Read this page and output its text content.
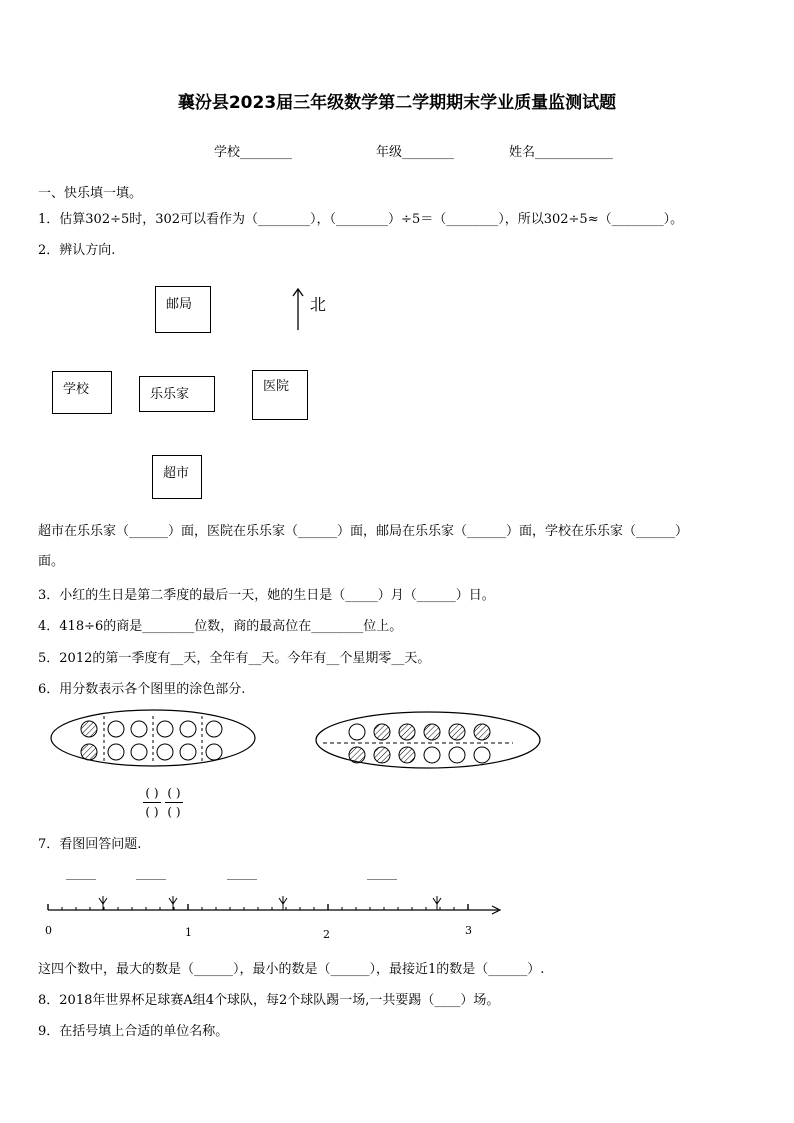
襄汾县2023届三年级数学第二学期期末学业质量监测试题
学校________	年级________	姓名____________
一、快乐填一填。
1．估算302÷5时，302可以看作为（________），（________）÷5＝（________），所以302÷5≈（________）。
2．辨认方向.
邮局	北
学校	乐乐家
医院
超市
超市在乐乐家（______）面，医院在乐乐家（______）面，邮局在乐乐家（______）面，学校在乐乐家（______）
面。
3．小红的生日是第二季度的最后一天，她的生日是（_____）月（______）日。
4．418÷6的商是________位数，商的最高位在________位上。
5．2012的第一季度有__天，全年有__天。今年有__个星期零__天。
6．用分数表示各个图里的涂色部分.
( )
( )
( )
( )
7．看图回答问题.
_____	_____	_____	_____
0	1	2	3
这四个数中，最大的数是（______），最小的数是（______），最接近1的数是（______）.
8．2018年世界杯足球赛A组4个球队，每2个球队踢一场,一共要踢（____）场。
9．在括号填上合适的单位名称。
